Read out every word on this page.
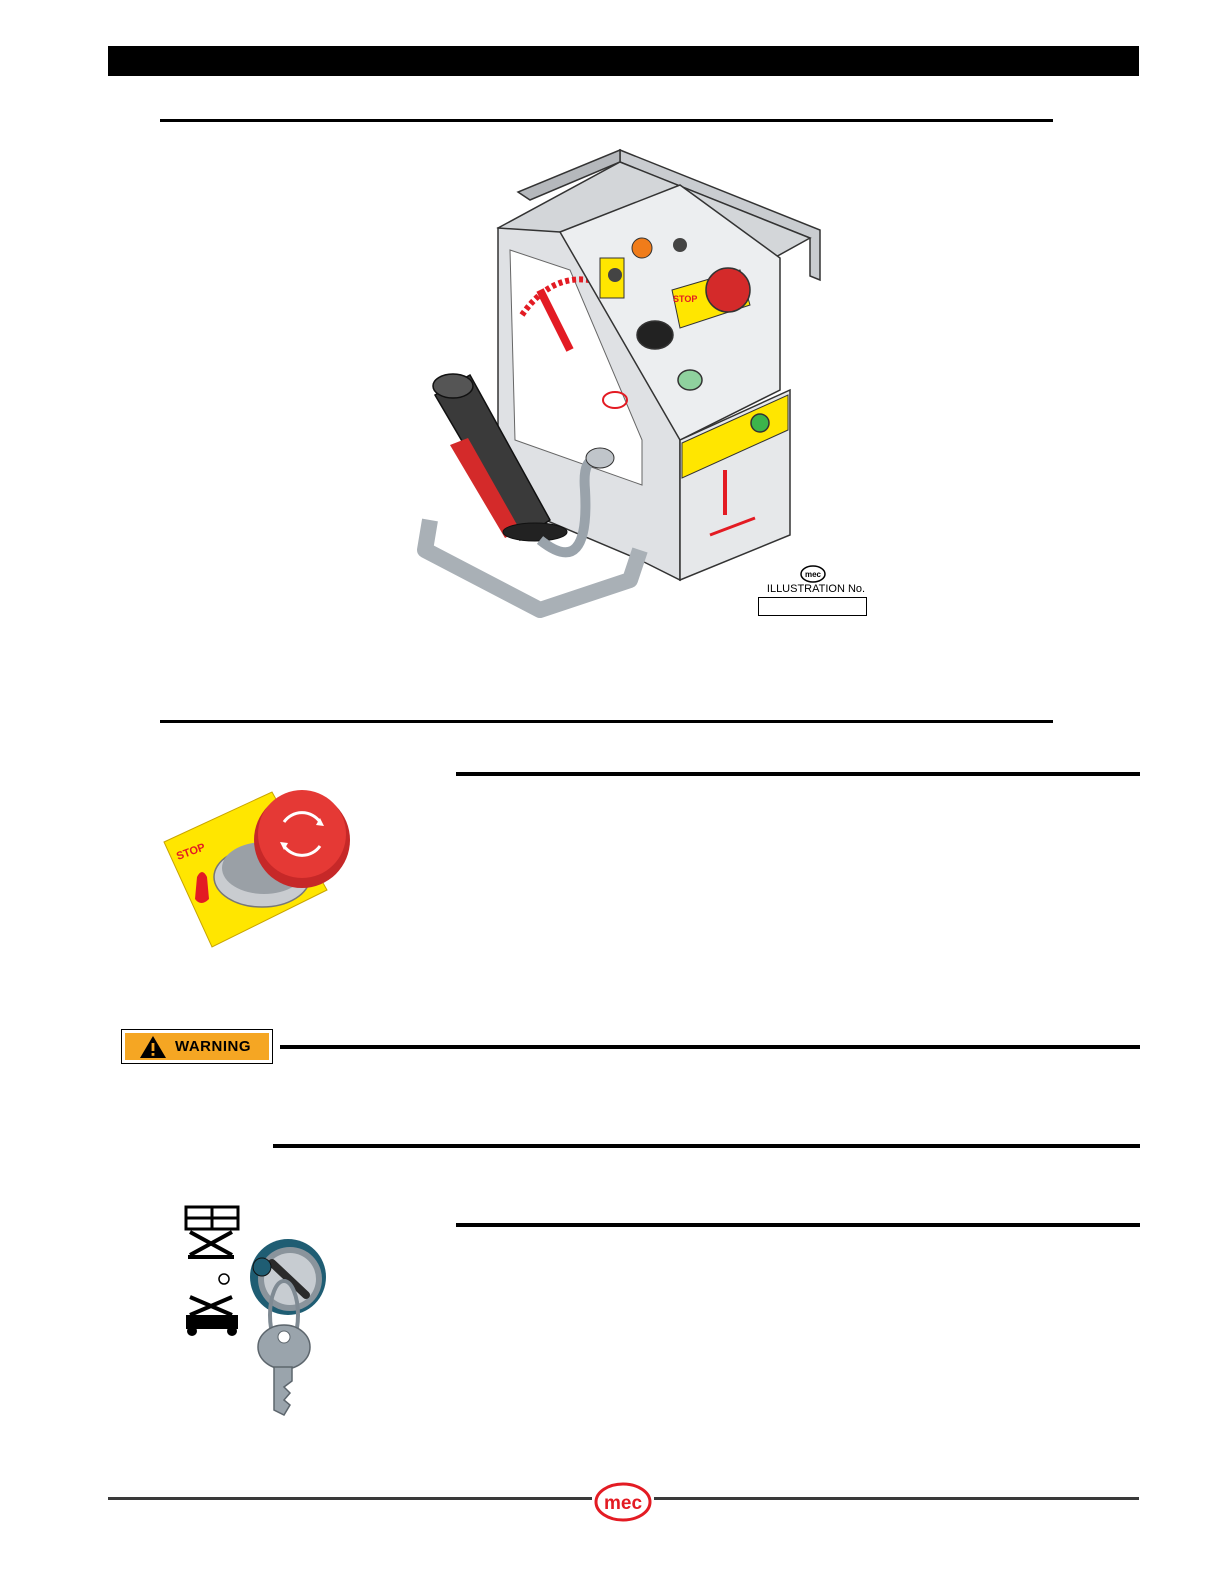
STOP
mec
ILLUSTRATION No.
STOP
WARNING
mec
